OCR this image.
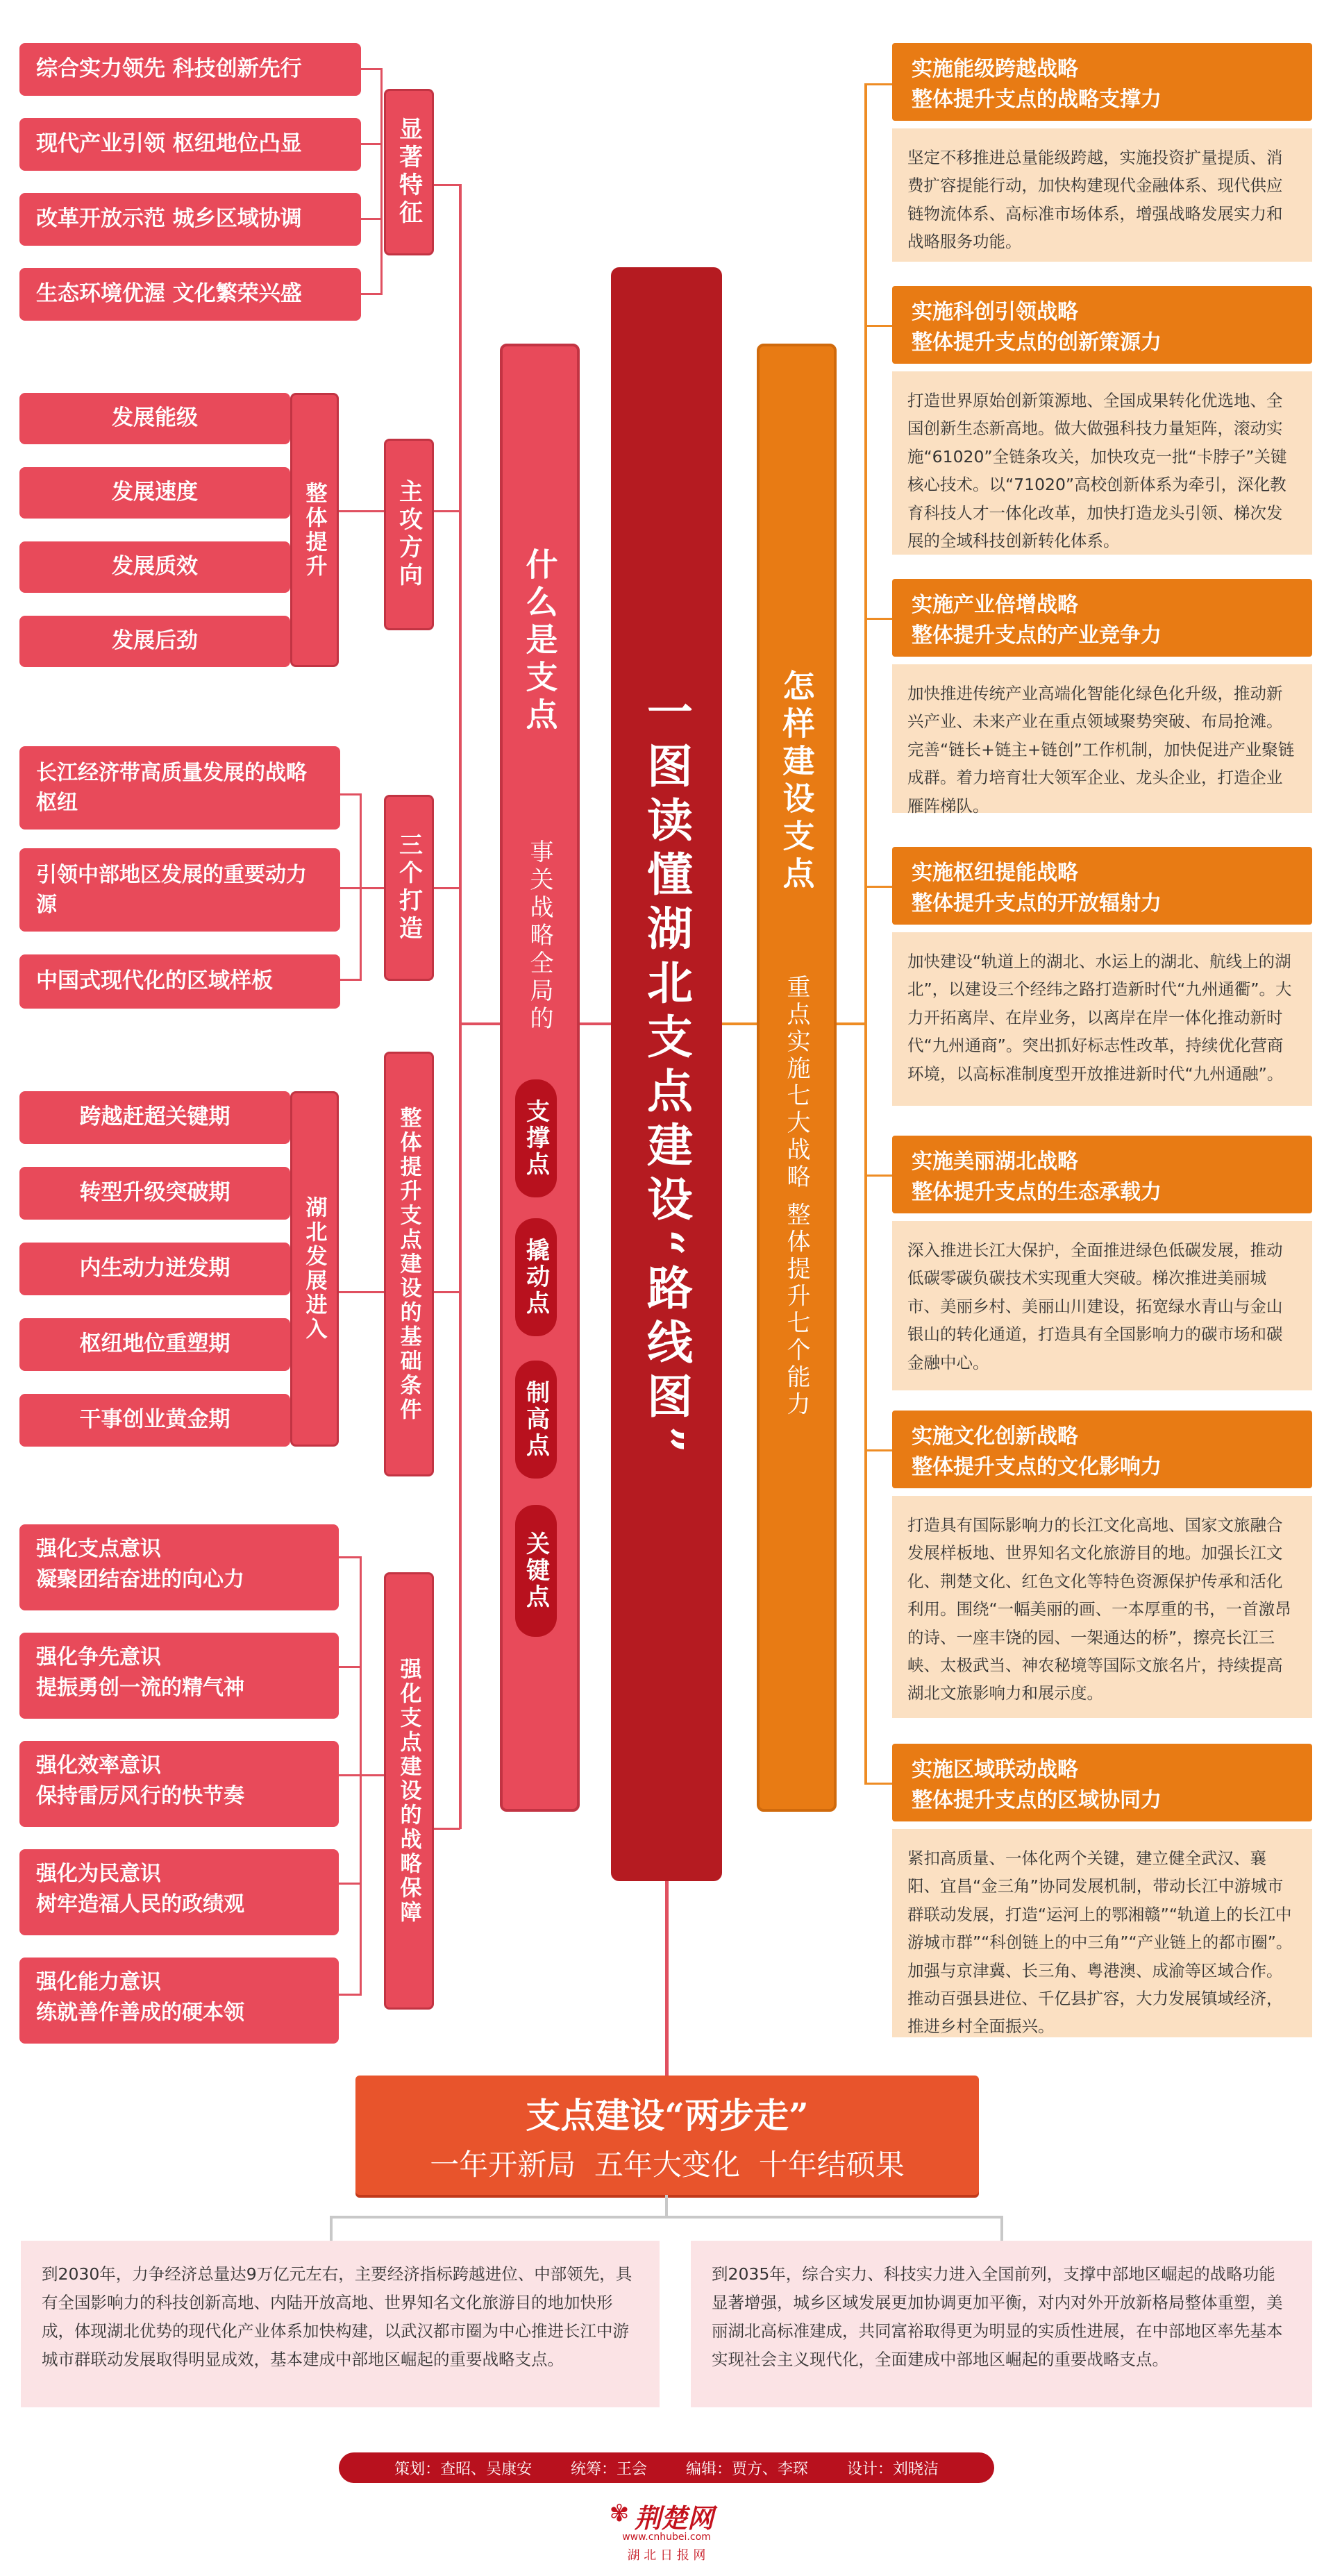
综合实力领先 科技创新先行
现代产业引领 枢纽地位凸显
改革开放示范 城乡区域协调
生态环境优渥 文化繁荣兴盛
显著特征
发展能级
发展速度
发展质效
发展后劲
整体提升	主攻方向
长江经济带高质量发展的战略枢纽
引领中部地区发展的重要动力源
中国式现代化的区域样板
三个打造
跨越赶超关键期
转型升级突破期
内生动力迸发期
枢纽地位重塑期
干事创业黄金期
湖北发展进入	整体提升支点建设的基础条件
强化支点意识
凝聚团结奋进的向心力
强化争先意识
提振勇创一流的精气神
强化效率意识
保持雷厉风行的快节奏
强化为民意识
树牢造福人民的政绩观
强化能力意识
练就善作善成的硬本领
强化支点建设的战略保障
什么是支点
事关战略全局的
支撑点
撬动点
制高点
关键点
一图读懂湖北支点建设“路线图”	怎样建设支点
重点实施七大战略 整体提升七个能力
实施能级跨越战略
整体提升支点的战略支撑力
坚定不移推进总量能级跨越，实施投资扩量提质、消费扩容提能行动，加快构建现代金融体系、现代供应链物流体系、高标准市场体系，增强战略发展实力和战略服务功能。
实施科创引领战略
整体提升支点的创新策源力
打造世界原始创新策源地、全国成果转化优选地、全国创新生态新高地。做大做强科技力量矩阵，滚动实施“61020”全链条攻关，加快攻克一批“卡脖子”关键核心技术。以“71020”高校创新体系为牵引，深化教育科技人才一体化改革，加快打造龙头引领、梯次发展的全域科技创新转化体系。
实施产业倍增战略
整体提升支点的产业竞争力
加快推进传统产业高端化智能化绿色化升级，推动新兴产业、未来产业在重点领域聚势突破、布局抢滩。完善“链长+链主+链创”工作机制，加快促进产业聚链成群。着力培育壮大领军企业、龙头企业，打造企业雁阵梯队。
实施枢纽提能战略
整体提升支点的开放辐射力
加快建设“轨道上的湖北、水运上的湖北、航线上的湖北”，以建设三个经纬之路打造新时代“九州通衢”。大力开拓离岸、在岸业务，以离岸在岸一体化推动新时代“九州通商”。突出抓好标志性改革，持续优化营商环境，以高标准制度型开放推进新时代“九州通融”。
实施美丽湖北战略
整体提升支点的生态承载力
深入推进长江大保护，全面推进绿色低碳发展，推动低碳零碳负碳技术实现重大突破。梯次推进美丽城市、美丽乡村、美丽山川建设，拓宽绿水青山与金山银山的转化通道，打造具有全国影响力的碳市场和碳金融中心。
实施文化创新战略
整体提升支点的文化影响力
打造具有国际影响力的长江文化高地、国家文旅融合发展样板地、世界知名文化旅游目的地。加强长江文化、荆楚文化、红色文化等特色资源保护传承和活化利用。围绕“一幅美丽的画、一本厚重的书，一首激昂的诗、一座丰饶的园、一架通达的桥”，擦亮长江三峡、太极武当、神农秘境等国际文旅名片，持续提高湖北文旅影响力和展示度。
实施区域联动战略
整体提升支点的区域协同力
紧扣高质量、一体化两个关键，建立健全武汉、襄阳、宜昌“金三角”协同发展机制，带动长江中游城市群联动发展，打造“运河上的鄂湘赣”“轨道上的长江中游城市群”“科创链上的中三角”“产业链上的都市圈”。加强与京津冀、长三角、粤港澳、成渝等区域合作。推动百强县进位、千亿县扩容，大力发展镇域经济，推进乡村全面振兴。
支点建设“两步走”
一年开新局  五年大变化  十年结硕果
到2030年，力争经济总量达9万亿元左右，主要经济指标跨越进位、中部领先，具有全国影响力的科技创新高地、内陆开放高地、世界知名文化旅游目的地加快形成，体现湖北优势的现代化产业体系加快构建，以武汉都市圈为中心推进长江中游城市群联动发展取得明显成效，基本建成中部地区崛起的重要战略支点。
到2035年，综合实力、科技实力进入全国前列，支撑中部地区崛起的战略功能显著增强，城乡区域发展更加协调更加平衡，对内对外开放新格局整体重塑，美丽湖北高标准建成，共同富裕取得更为明显的实质性进展，在中部地区率先基本实现社会主义现代化，全面建成中部地区崛起的重要战略支点。
策划：查昭、吴康安        统筹：王会        编辑：贾方、李琛        设计：刘晓洁
✾ 荆楚网
www.cnhubei.com
湖 北 日 报 网
